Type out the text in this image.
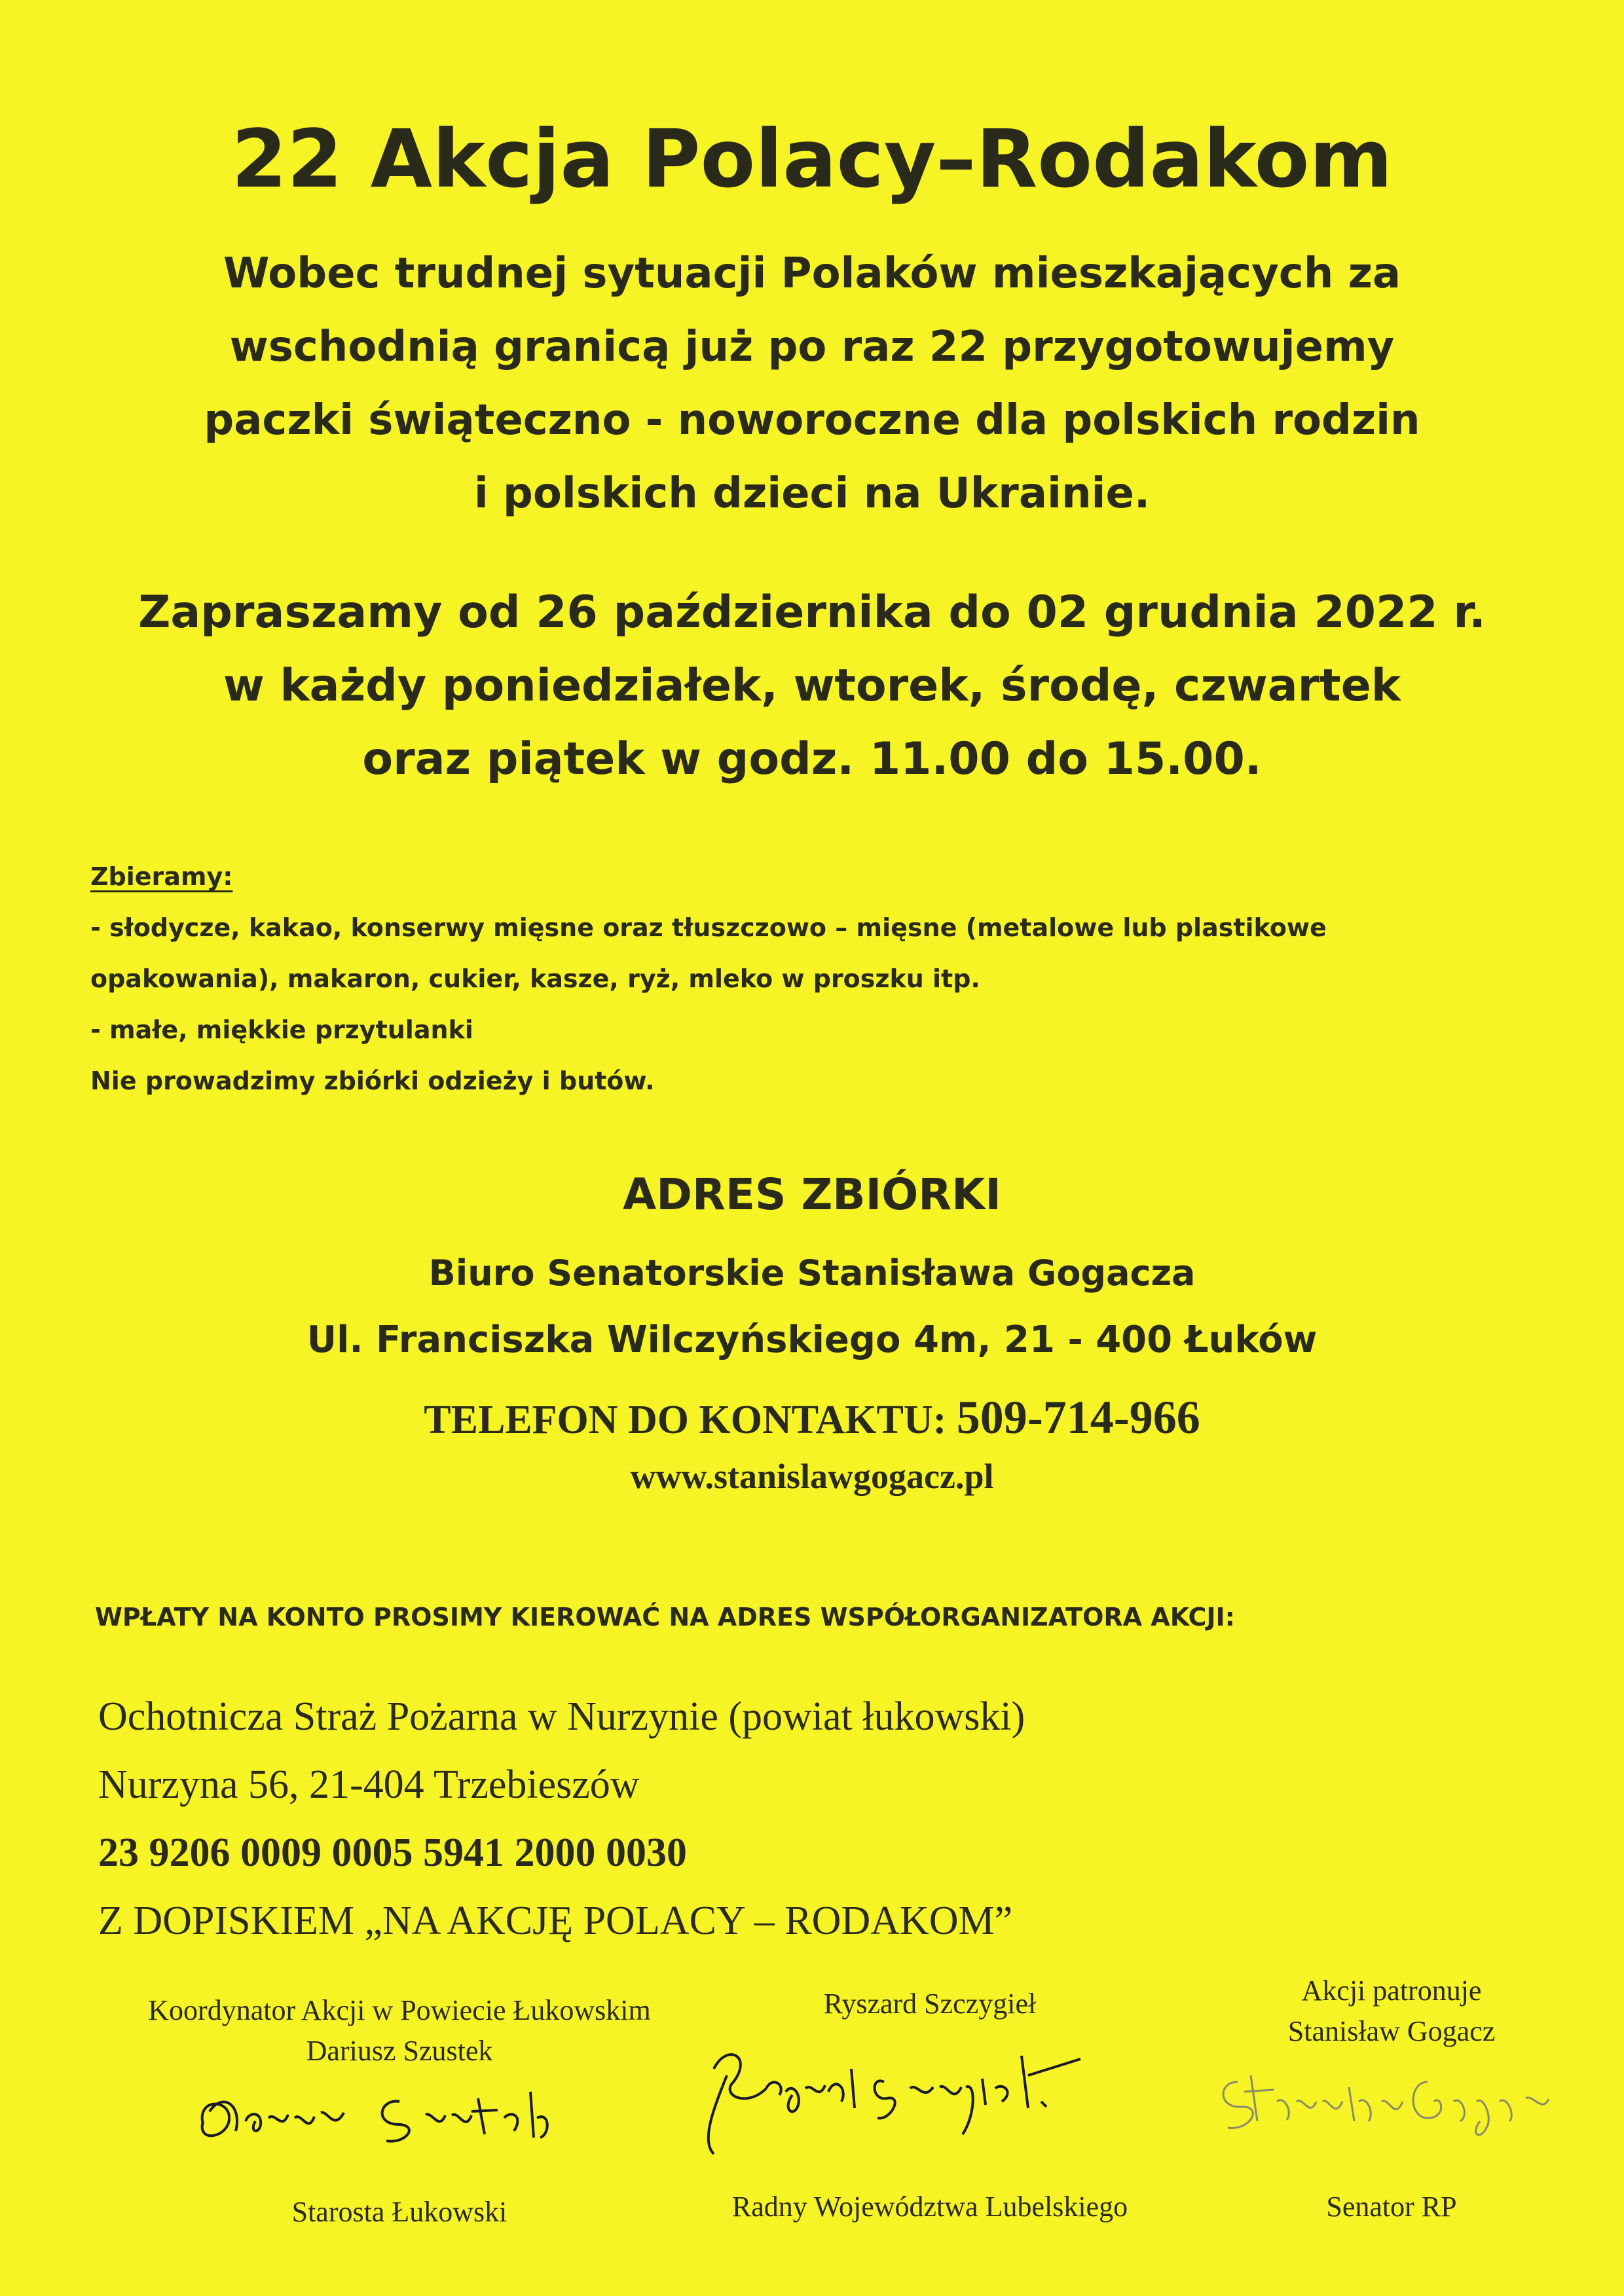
22 Akcja Polacy–Rodakom
Wobec trudnej sytuacji Polaków mieszkających za
wschodnią granicą już po raz 22 przygotowujemy
paczki świąteczno - noworoczne dla polskich rodzin
i polskich dzieci na Ukrainie.
Zapraszamy od 26 października do 02 grudnia 2022 r.
w każdy poniedziałek, wtorek, środę, czwartek
oraz piątek w godz. 11.00 do 15.00.
Zbieramy:
- słodycze, kakao, konserwy mięsne oraz tłuszczowo – mięsne (metalowe lub plastikowe
opakowania), makaron, cukier, kasze, ryż, mleko w proszku itp.
- małe, miękkie przytulanki
Nie prowadzimy zbiórki odzieży i butów.
ADRES ZBIÓRKI
Biuro Senatorskie Stanisława Gogacza
Ul. Franciszka Wilczyńskiego 4m, 21 - 400 Łuków
TELEFON DO KONTAKTU: 509-714-966
www.stanislawgogacz.pl
WPŁATY NA KONTO PROSIMY KIEROWAĆ NA ADRES WSPÓŁORGANIZATORA AKCJI:
Ochotnicza Straż Pożarna w Nurzynie (powiat łukowski)
Nurzyna 56, 21-404 Trzebieszów
23 9206 0009 0005 5941 2000 0030
Z DOPISKIEM „NA AKCJĘ POLACY – RODAKOM”
Koordynator Akcji w Powiecie Łukowskim
Dariusz Szustek
Starosta Łukowski
Ryszard Szczygieł
Radny Województwa Lubelskiego
Akcji patronuje
Stanisław Gogacz
Senator RP
